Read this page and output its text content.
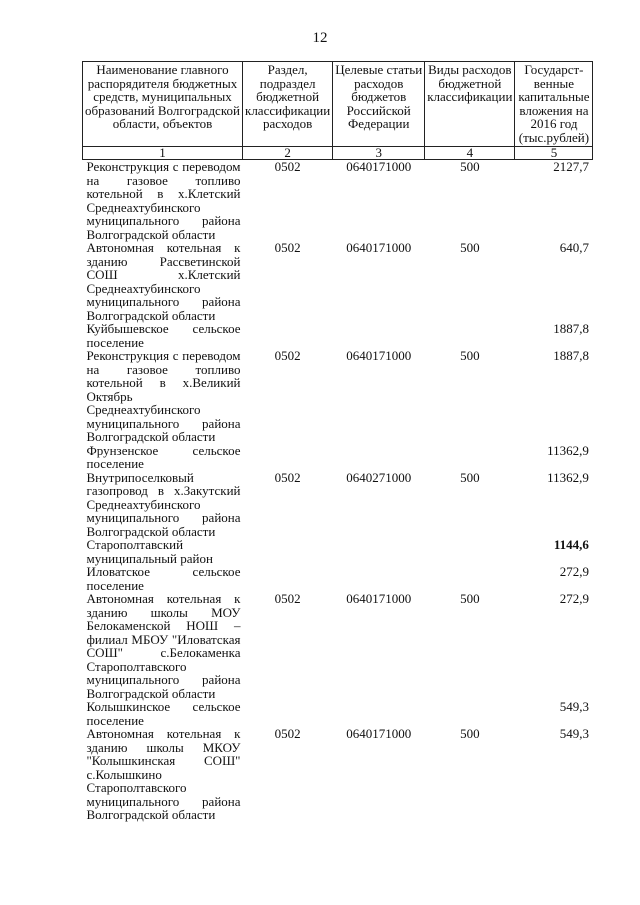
12
Наименование главного распорядителя бюджетных средств, муниципальных образований Волгоградской области, объектов	Раздел, подраздел бюджетной классификации расходов	Целевые статьи расходов бюджетов Российской Федерации	Виды расходов бюджетной классификации	Государственные капитальные вложения на 2016 год (тыс.рублей)
1	2	3	4	5
Реконструкция с переводом на газовое топливо котельной в х.Клетский Среднеахтубинского муниципального района Волгоградской области	0502	0640171000	500	2127,7
Автономная котельная к зданию Рассветинской СОШ х.Клетский Среднеахтубинского муниципального района Волгоградской области	0502	0640171000	500	640,7
Куйбышевское сельское поселение				1887,8
Реконструкция с переводом на газовое топливо котельной в х.Великий Октябрь Среднеахтубинского муниципального района Волгоградской области	0502	0640171000	500	1887,8
Фрунзенское сельское поселение				11362,9
Внутрипоселковый газопровод в х.Закутский Среднеахтубинского муниципального района Волгоградской области	0502	0640271000	500	11362,9
Старополтавский муниципальный район				1144,6
Иловатское сельское поселение				272,9
Автономная котельная к зданию школы МОУ Белокаменской НОШ – филиал МБОУ "Иловатская СОШ" с.Белокаменка Старополтавского муниципального района Волгоградской области	0502	0640171000	500	272,9
Колышкинское сельское поселение				549,3
Автономная котельная к зданию школы МКОУ "Колышкинская СОШ" с.Колышкино Старополтавского муниципального района Волгоградской области	0502	0640171000	500	549,3
